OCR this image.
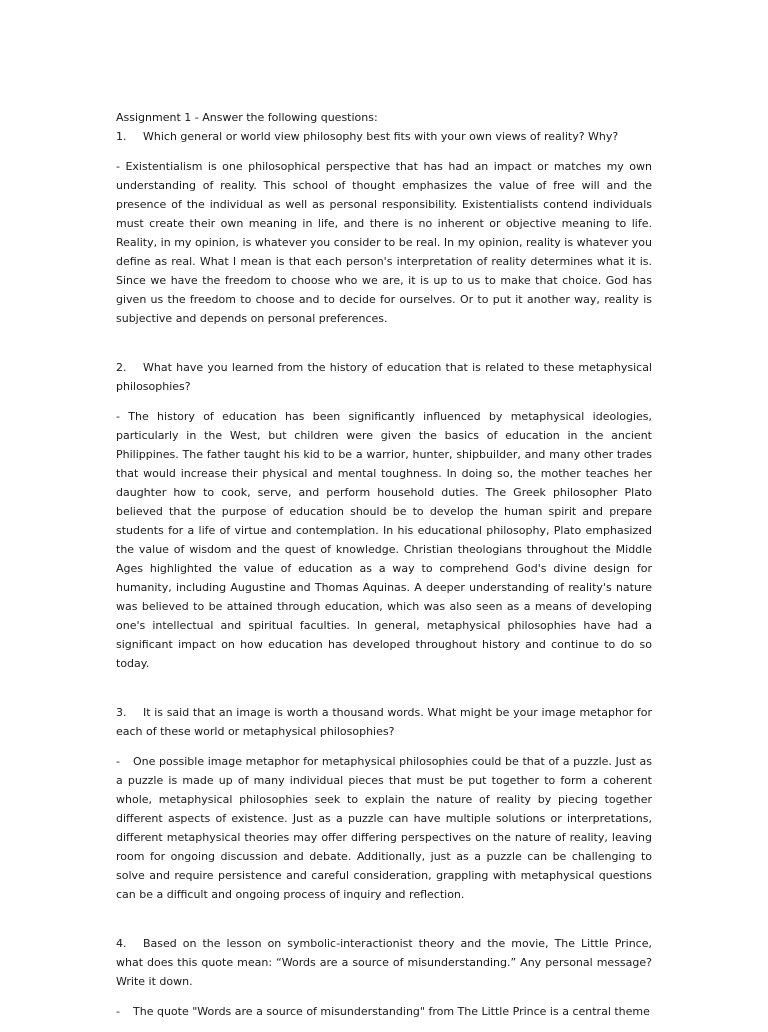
Assignment 1 - Answer the following questions:

1. Which general or world view philosophy best fits with your own views of reality? Why?

- Existentialism is one philosophical perspective that has had an impact or matches my own understanding of reality. This school of thought emphasizes the value of free will and the presence of the individual as well as personal responsibility. Existentialists contend individuals must create their own meaning in life, and there is no inherent or objective meaning to life. Reality, in my opinion, is whatever you consider to be real. In my opinion, reality is whatever you define as real. What I mean is that each person's interpretation of reality determines what it is. Since we have the freedom to choose who we are, it is up to us to make that choice. God has given us the freedom to choose and to decide for ourselves. Or to put it another way, reality is subjective and depends on personal preferences.

2. What have you learned from the history of education that is related to these metaphysical philosophies?

- The history of education has been significantly influenced by metaphysical ideologies, particularly in the West, but children were given the basics of education in the ancient Philippines. The father taught his kid to be a warrior, hunter, shipbuilder, and many other trades that would increase their physical and mental toughness. In doing so, the mother teaches her daughter how to cook, serve, and perform household duties. The Greek philosopher Plato believed that the purpose of education should be to develop the human spirit and prepare students for a life of virtue and contemplation. In his educational philosophy, Plato emphasized the value of wisdom and the quest of knowledge. Christian theologians throughout the Middle Ages highlighted the value of education as a way to comprehend God's divine design for humanity, including Augustine and Thomas Aquinas. A deeper understanding of reality's nature was believed to be attained through education, which was also seen as a means of developing one's intellectual and spiritual faculties. In general, metaphysical philosophies have had a significant impact on how education has developed throughout history and continue to do so today.

3. It is said that an image is worth a thousand words. What might be your image metaphor for each of these world or metaphysical philosophies?

- One possible image metaphor for metaphysical philosophies could be that of a puzzle. Just as a puzzle is made up of many individual pieces that must be put together to form a coherent whole, metaphysical philosophies seek to explain the nature of reality by piecing together different aspects of existence. Just as a puzzle can have multiple solutions or interpretations, different metaphysical theories may offer differing perspectives on the nature of reality, leaving room for ongoing discussion and debate. Additionally, just as a puzzle can be challenging to solve and require persistence and careful consideration, grappling with metaphysical questions can be a difficult and ongoing process of inquiry and reflection.

4. Based on the lesson on symbolic-interactionist theory and the movie, The Little Prince, what does this quote mean: “Words are a source of misunderstanding.” Any personal message? Write it down.

- The quote "Words are a source of misunderstanding" from The Little Prince is a central theme
